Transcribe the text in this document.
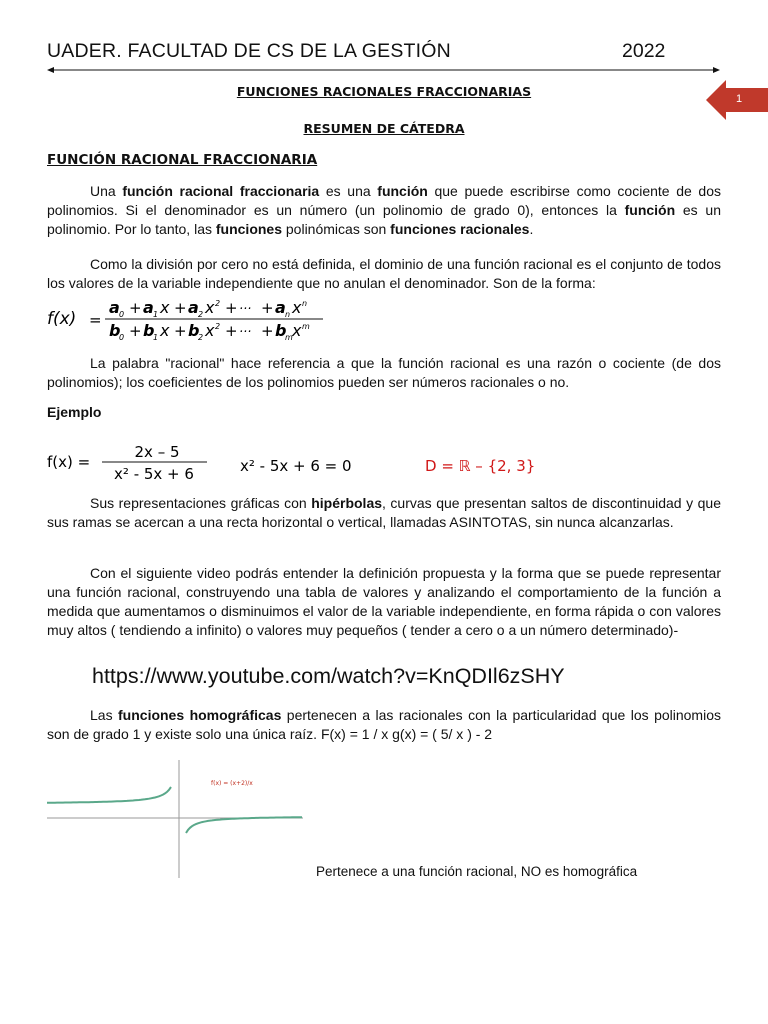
UADER. FACULTAD DE CS DE LA GESTIÓN	2022
1
FUNCIONES RACIONALES FRACCIONARIAS
RESUMEN DE CÁTEDRA
FUNCIÓN RACIONAL FRACCIONARIA

Una función racional fraccionaria es una función que puede escribirse como cociente de dos polinomios. Si el denominador es un número (un polinomio de grado 0), entonces la función es un polinomio. Por lo tanto, las funciones polinómicas son funciones racionales.

Como la división por cero no está definida, el dominio de una función racional es el conjunto de todos los valores de la variable independiente que no anulan el denominador. Son de la forma:

f(x) =
a 0 + a 1 x + a 2 x 2 + ··· + a n x n
b
0 + b
1 x + b
2 x 2 + ··· + b
m x m

La palabra "racional" hace referencia a que la función racional es una razón o cociente (de dos polinomios); los coeficientes de los polinomios pueden ser números racionales o no.

Ejemplo
f(x) =
2x – 5
x² - 5x + 6	x² - 5x + 6 = 0	D = ℝ – {2, 3}

Sus representaciones gráficas con hipérbolas, curvas que presentan saltos de discontinuidad y que sus ramas se acercan a una recta horizontal o vertical, llamadas ASINTOTAS, sin nunca alcanzarlas.

Con el siguiente video podrás entender la definición propuesta y la forma que se puede representar una función racional, construyendo una tabla de valores y analizando el comportamiento de la función a medida que aumentamos o disminuimos el valor de la variable independiente, en forma rápida o con valores muy altos ( tendiendo a infinito) o valores muy pequeños ( tender a cero o a un número determinado)-

https://www.youtube.com/watch?v=KnQDIl6zSHY

Las funciones homográficas pertenecen a las racionales con la particularidad que los polinomios son de grado 1 y existe solo una única raíz. F(x) = 1 / x g(x) = ( 5/ x ) - 2

f(x) = (x+2)/x
Pertenece a una función racional, NO es homográfica
